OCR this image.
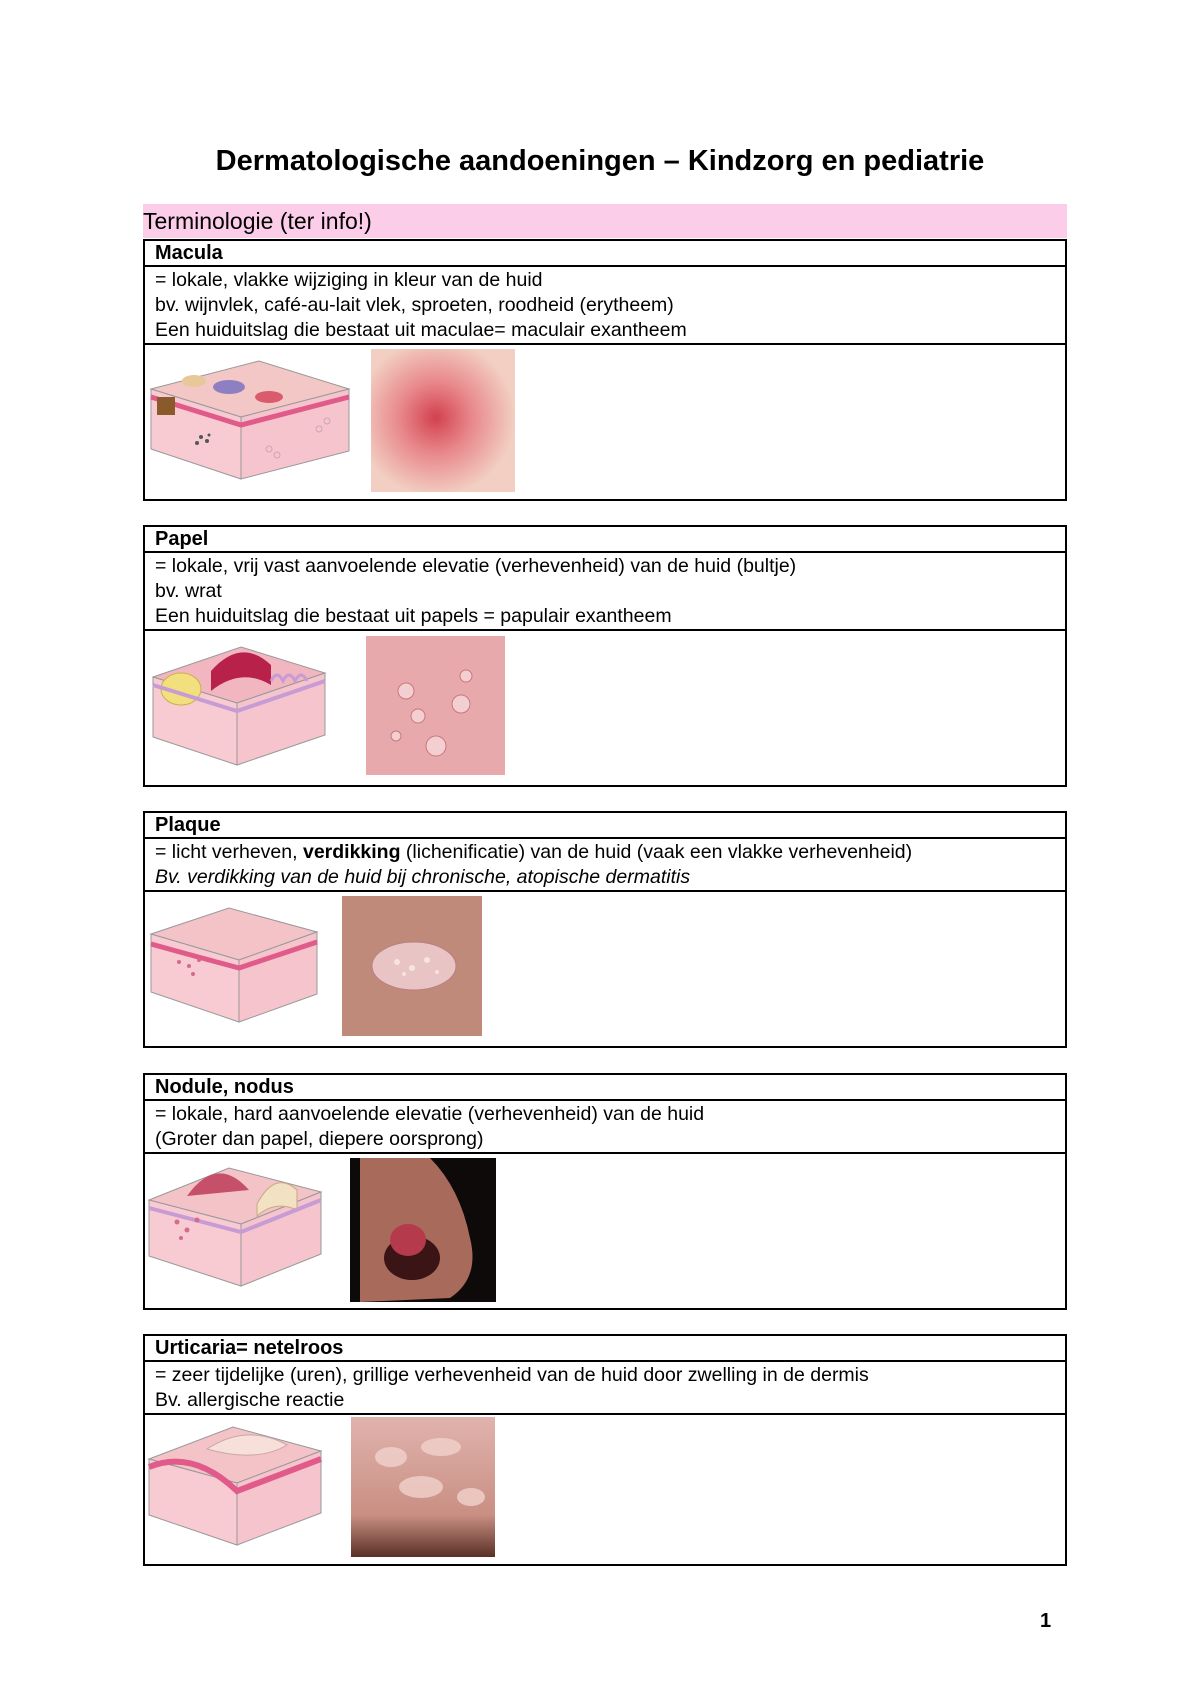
Dermatologische aandoeningen – Kindzorg en pediatrie
Terminologie (ter info!)
Macula
= lokale, vlakke wijziging in kleur van de huid
bv. wijnvlek, café-au-lait vlek, sproeten, roodheid (erytheem)
Een huiduitslag die bestaat uit maculae= maculair exantheem
Papel
= lokale, vrij vast aanvoelende elevatie (verhevenheid) van de huid (bultje)
bv. wrat
Een huiduitslag die bestaat uit papels = papulair exantheem
Plaque
= licht verheven, verdikking (lichenificatie) van de huid (vaak een vlakke verhevenheid)
Bv. verdikking van de huid bij chronische, atopische dermatitis
Nodule, nodus
= lokale, hard aanvoelende elevatie (verhevenheid) van de huid
(Groter dan papel, diepere oorsprong)
Urticaria= netelroos
= zeer tijdelijke (uren), grillige verhevenheid van de huid door zwelling in de dermis
Bv. allergische reactie
1
